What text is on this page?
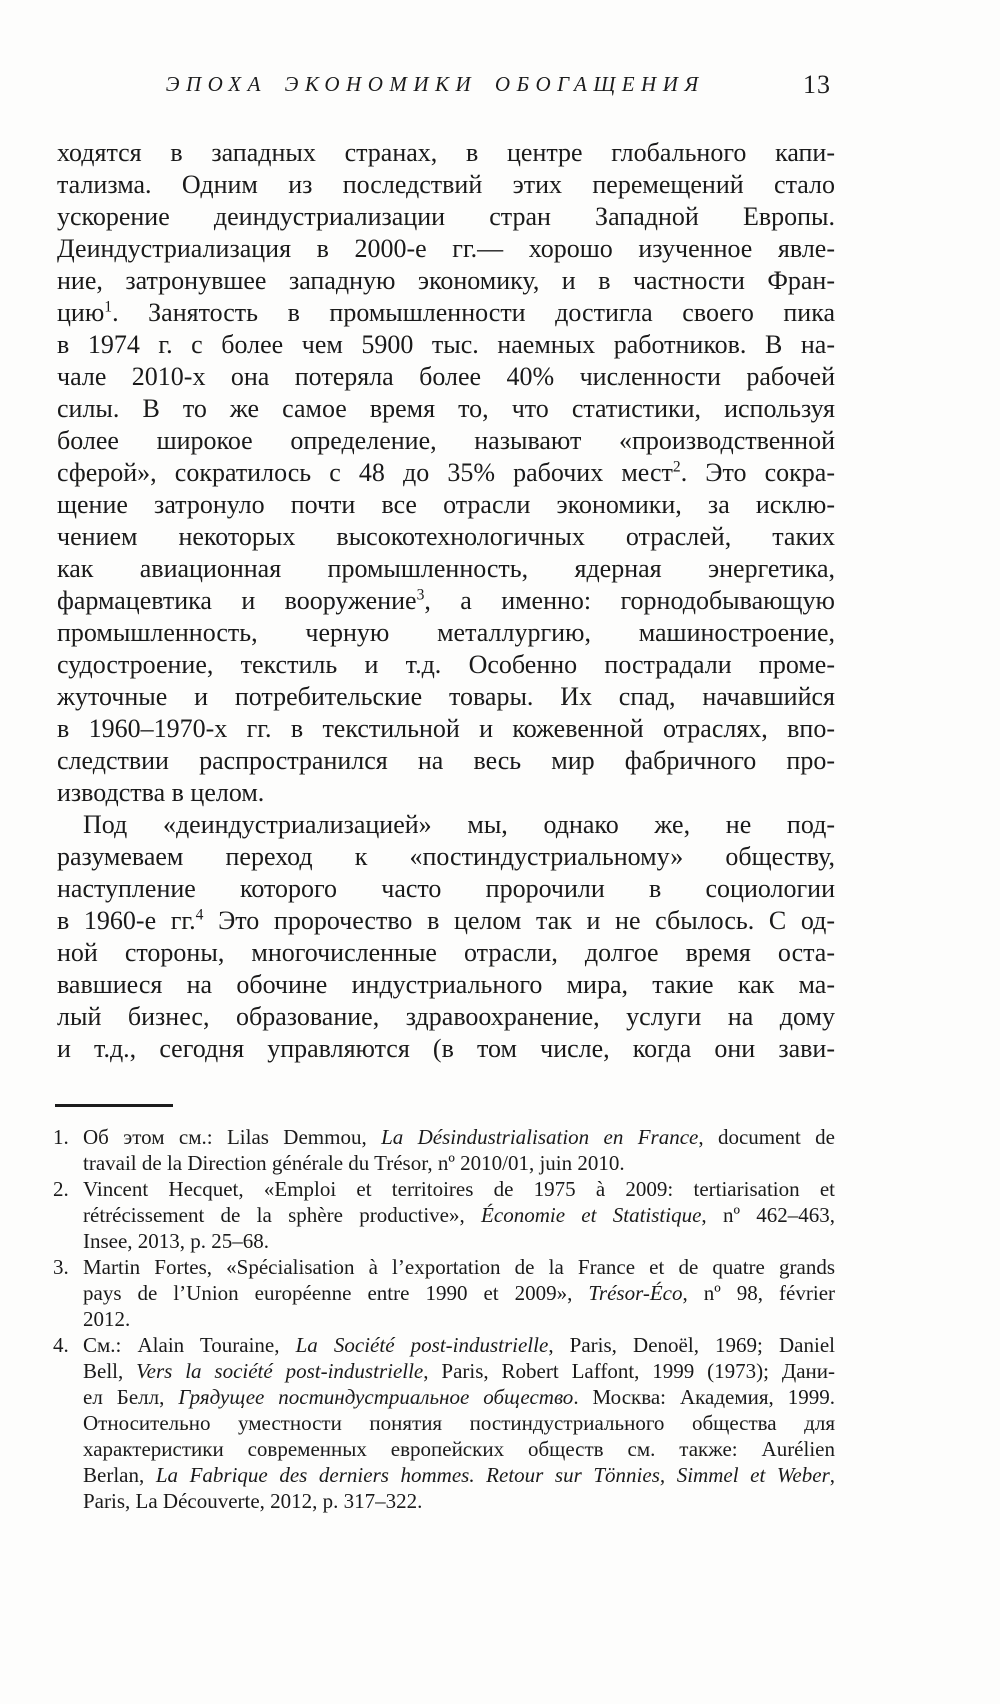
ЭПОХА ЭКОНОМИКИ ОБОГАЩЕНИЯ	13
ходятся в западных странах, в центре глобального капи-
тализма. Одним из последствий этих перемещений стало
ускорение деиндустриализации стран Западной Европы.
Деиндустриализация в 2000-е гг.— хорошо изученное явле-
ние, затронувшее западную экономику, и в частности Фран-
цию$^1$. Занятость в промышленности достигла своего пика
в 1974 г. с более чем 5900 тыс. наемных работников. В на-
чале 2010-х она потеряла более 40% численности рабочей
силы. В то же самое время то, что статистики, используя
более широкое определение, называют «производственной
сферой», сократилось с 48 до 35% рабочих мест$^2$. Это сокра-
щение затронуло почти все отрасли экономики, за исклю-
чением некоторых высокотехнологичных отраслей, таких
как авиационная промышленность, ядерная энергетика,
фармацевтика и вооружение$^3$, а именно: горнодобывающую
промышленность, черную металлургию, машиностроение,
судостроение, текстиль и т.д. Особенно пострадали проме-
жуточные и потребительские товары. Их спад, начавшийся
в 1960–1970-х гг. в текстильной и кожевенной отраслях, впо-
следствии распространился на весь мир фабричного про-
изводства в целом.
Под «деиндустриализацией» мы, однако же, не под-
разумеваем переход к «постиндустриальному» обществу,
наступление которого часто пророчили в социологии
в 1960-е гг.$^4$ Это пророчество в целом так и не сбылось. С од-
ной стороны, многочисленные отрасли, долгое время оста-
вавшиеся на обочине индустриального мира, такие как ма-
лый бизнес, образование, здравоохранение, услуги на дому
и т.д., сегодня управляются (в том числе, когда они зави-
1. Об этом см.: Lilas Demmou, La Désindustrialisation en France, document de
travail de la Direction générale du Trésor, nº 2010/01, juin 2010.
2. Vincent Hecquet, «Emploi et territoires de 1975 à 2009: tertiarisation et
rétrécissement de la sphère productive», Économie et Statistique, nº 462–463,
Insee, 2013, p. 25–68.
3. Martin Fortes, «Spécialisation à l’exportation de la France et de quatre grands
pays de l’Union européenne entre 1990 et 2009», Trésor-Éco, nº 98, février
2012.
4. См.: Alain Touraine, La Société post-industrielle, Paris, Denoël, 1969; Daniel
Bell, Vers la société post-industrielle, Paris, Robert Laffont, 1999 (1973); Дани-
ел Белл, Грядущее постиндустриальное общество. Москва: Академия, 1999.
Относительно уместности понятия постиндустриального общества для
характеристики современных европейских обществ см. также: Aurélien
Berlan, La Fabrique des derniers hommes. Retour sur Tönnies, Simmel et Weber,
Paris, La Découverte, 2012, p. 317–322.
